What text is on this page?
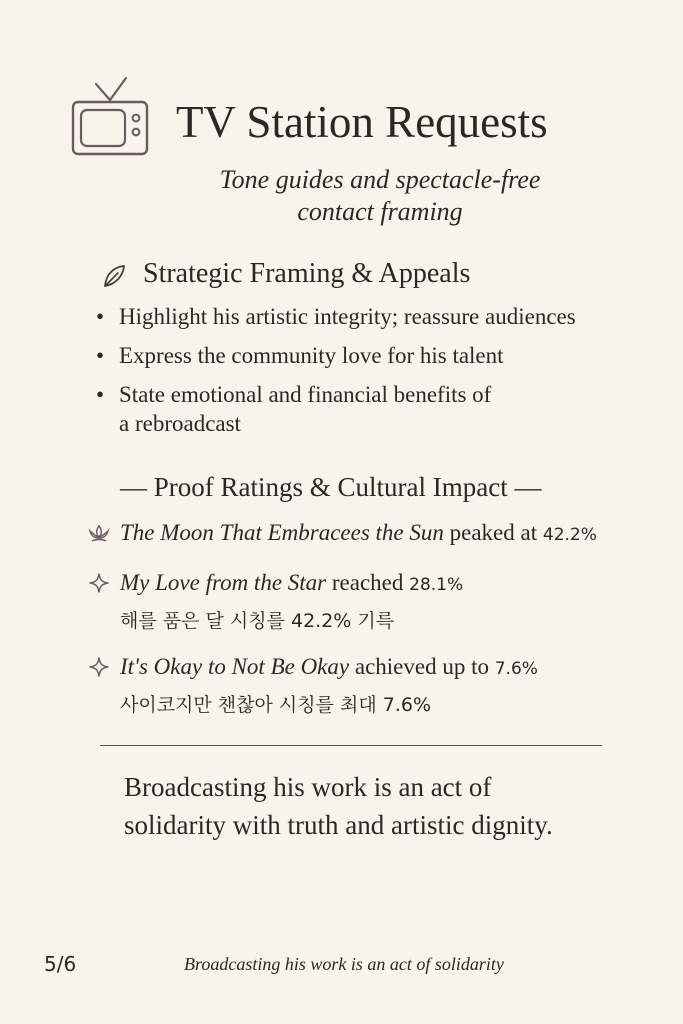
TV Station Requests
Tone guides and spectacle-free
contact framing
Strategic Framing & Appeals
• Highlight his artistic integrity; reassure audiences
• Express the community love for his talent
• State emotional and financial benefits of
a rebroadcast
— Proof Ratings & Cultural Impact —
The Moon That Embracees the Sun peaked at 42.2%
My Love from the Star reached 28.1%
해를 품은 달 시칭를 42.2% 기륵
It's Okay to Not Be Okay achieved up to 7.6%
사이코지만 챈찮아 시칭를 최대 7.6%
Broadcasting his work is an act of
solidarity with truth and artistic dignity.
5/6	Broadcasting his work is an act of solidarity
